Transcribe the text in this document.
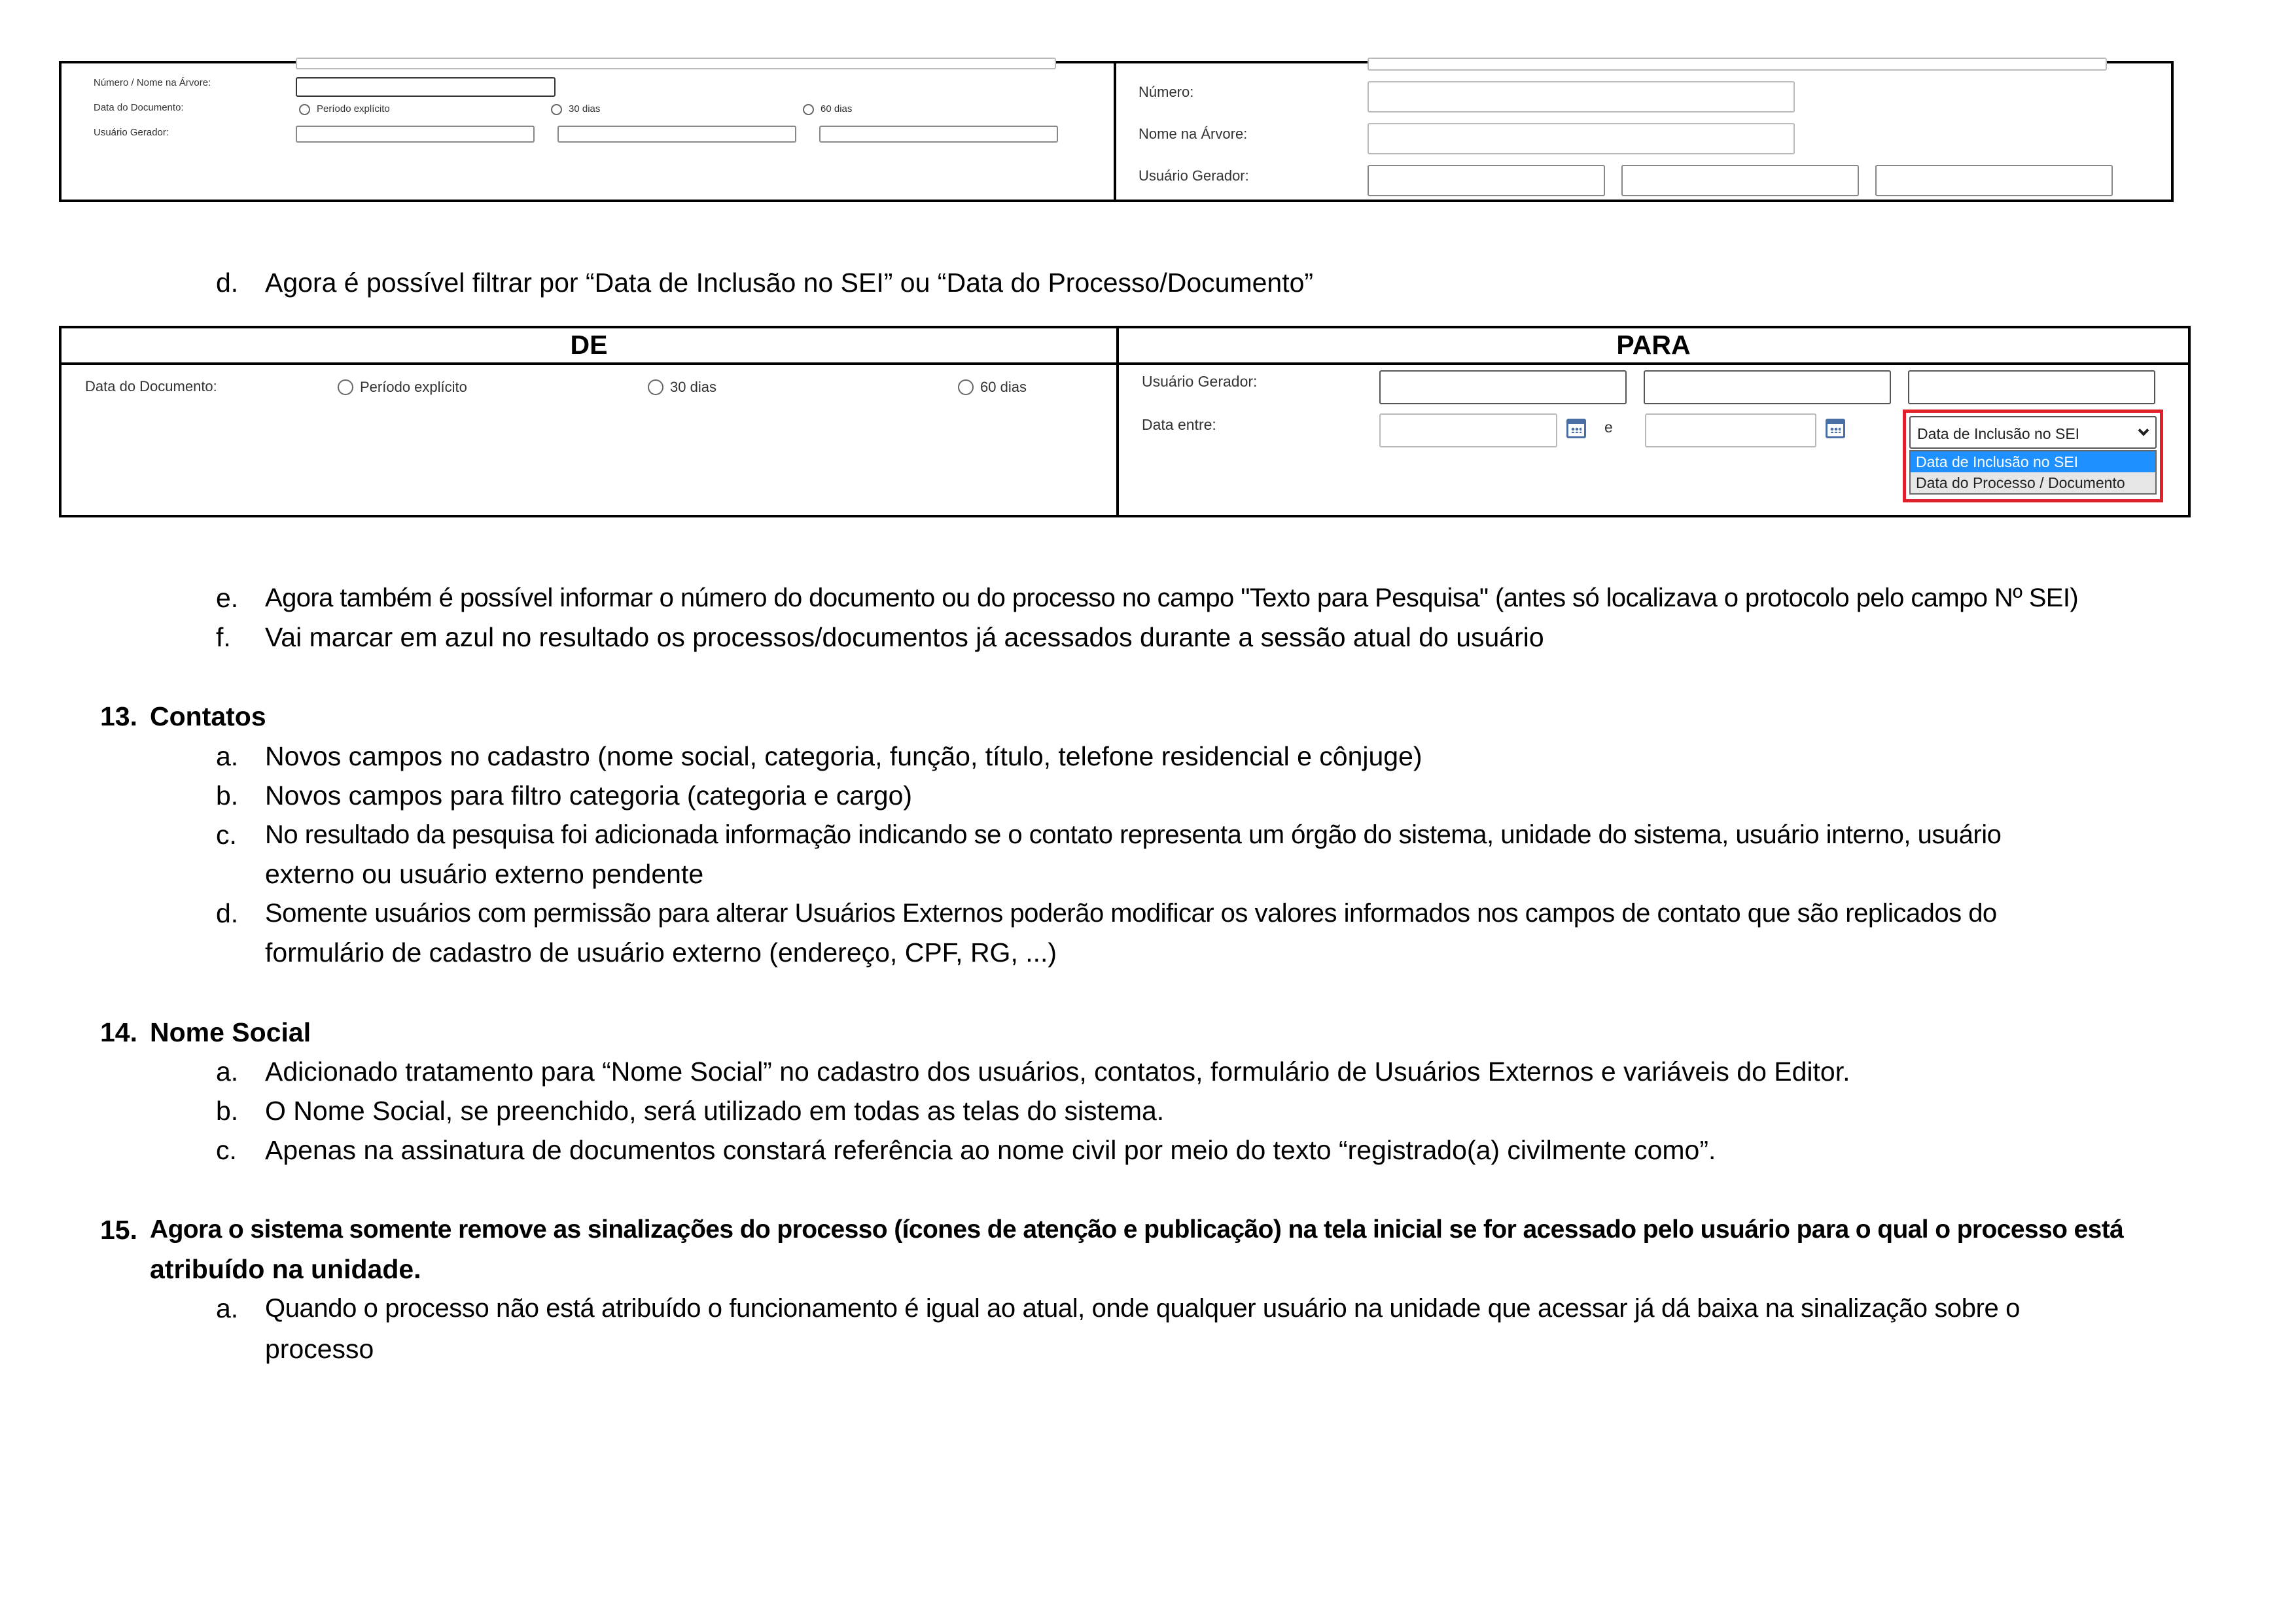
Número / Nome na Árvore:
Data do Documento:	Período explícito	30 dias	60 dias
Usuário Gerador:
Número:
Nome na Árvore:
Usuário Gerador:
d. Agora é possível filtrar por “Data de Inclusão no SEI” ou “Data do Processo/Documento”
DE	PARA
Data do Documento:	Período explícito	30 dias	60 dias	Usuário Gerador:
Data entre:	e	Data de Inclusão no SEI
Data de Inclusão no SEI
Data do Processo / Documento
e. Agora também é possível informar o número do documento ou do processo no campo "Texto para Pesquisa" (antes só localizava o protocolo pelo campo Nº SEI)
f. Vai marcar em azul no resultado os processos/documentos já acessados durante a sessão atual do usuário
13. Contatos
a. Novos campos no cadastro (nome social, categoria, função, título, telefone residencial e cônjuge)
b. Novos campos para filtro categoria (categoria e cargo)
c. No resultado da pesquisa foi adicionada informação indicando se o contato representa um órgão do sistema, unidade do sistema, usuário interno, usuário
externo ou usuário externo pendente
d. Somente usuários com permissão para alterar Usuários Externos poderão modificar os valores informados nos campos de contato que são replicados do
formulário de cadastro de usuário externo (endereço, CPF, RG, ...)
14. Nome Social
a. Adicionado tratamento para “Nome Social” no cadastro dos usuários, contatos, formulário de Usuários Externos e variáveis do Editor.
b. O Nome Social, se preenchido, será utilizado em todas as telas do sistema.
c. Apenas na assinatura de documentos constará referência ao nome civil por meio do texto “registrado(a) civilmente como”.
15. Agora o sistema somente remove as sinalizações do processo (ícones de atenção e publicação) na tela inicial se for acessado pelo usuário para o qual o processo está
atribuído na unidade.
a. Quando o processo não está atribuído o funcionamento é igual ao atual, onde qualquer usuário na unidade que acessar já dá baixa na sinalização sobre o
processo
